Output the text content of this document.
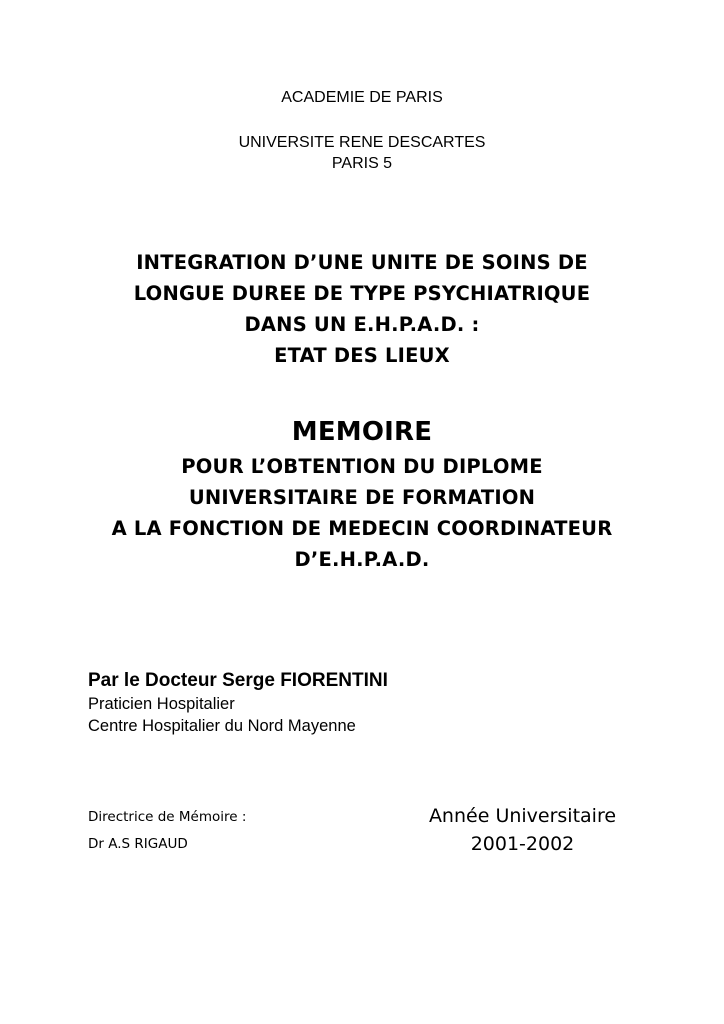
ACADEMIE DE PARIS
UNIVERSITE RENE DESCARTES
PARIS 5
INTEGRATION D’UNE UNITE DE SOINS DE
LONGUE DUREE DE TYPE PSYCHIATRIQUE
DANS UN E.H.P.A.D. :
ETAT DES LIEUX
MEMOIRE
POUR L’OBTENTION DU DIPLOME
UNIVERSITAIRE DE FORMATION
A LA FONCTION DE MEDECIN COORDINATEUR
D’E.H.P.A.D.
Par le Docteur Serge FIORENTINI
Praticien Hospitalier
Centre Hospitalier du Nord Mayenne
Directrice de Mémoire :
Dr A.S RIGAUD
Année Universitaire
2001-2002
